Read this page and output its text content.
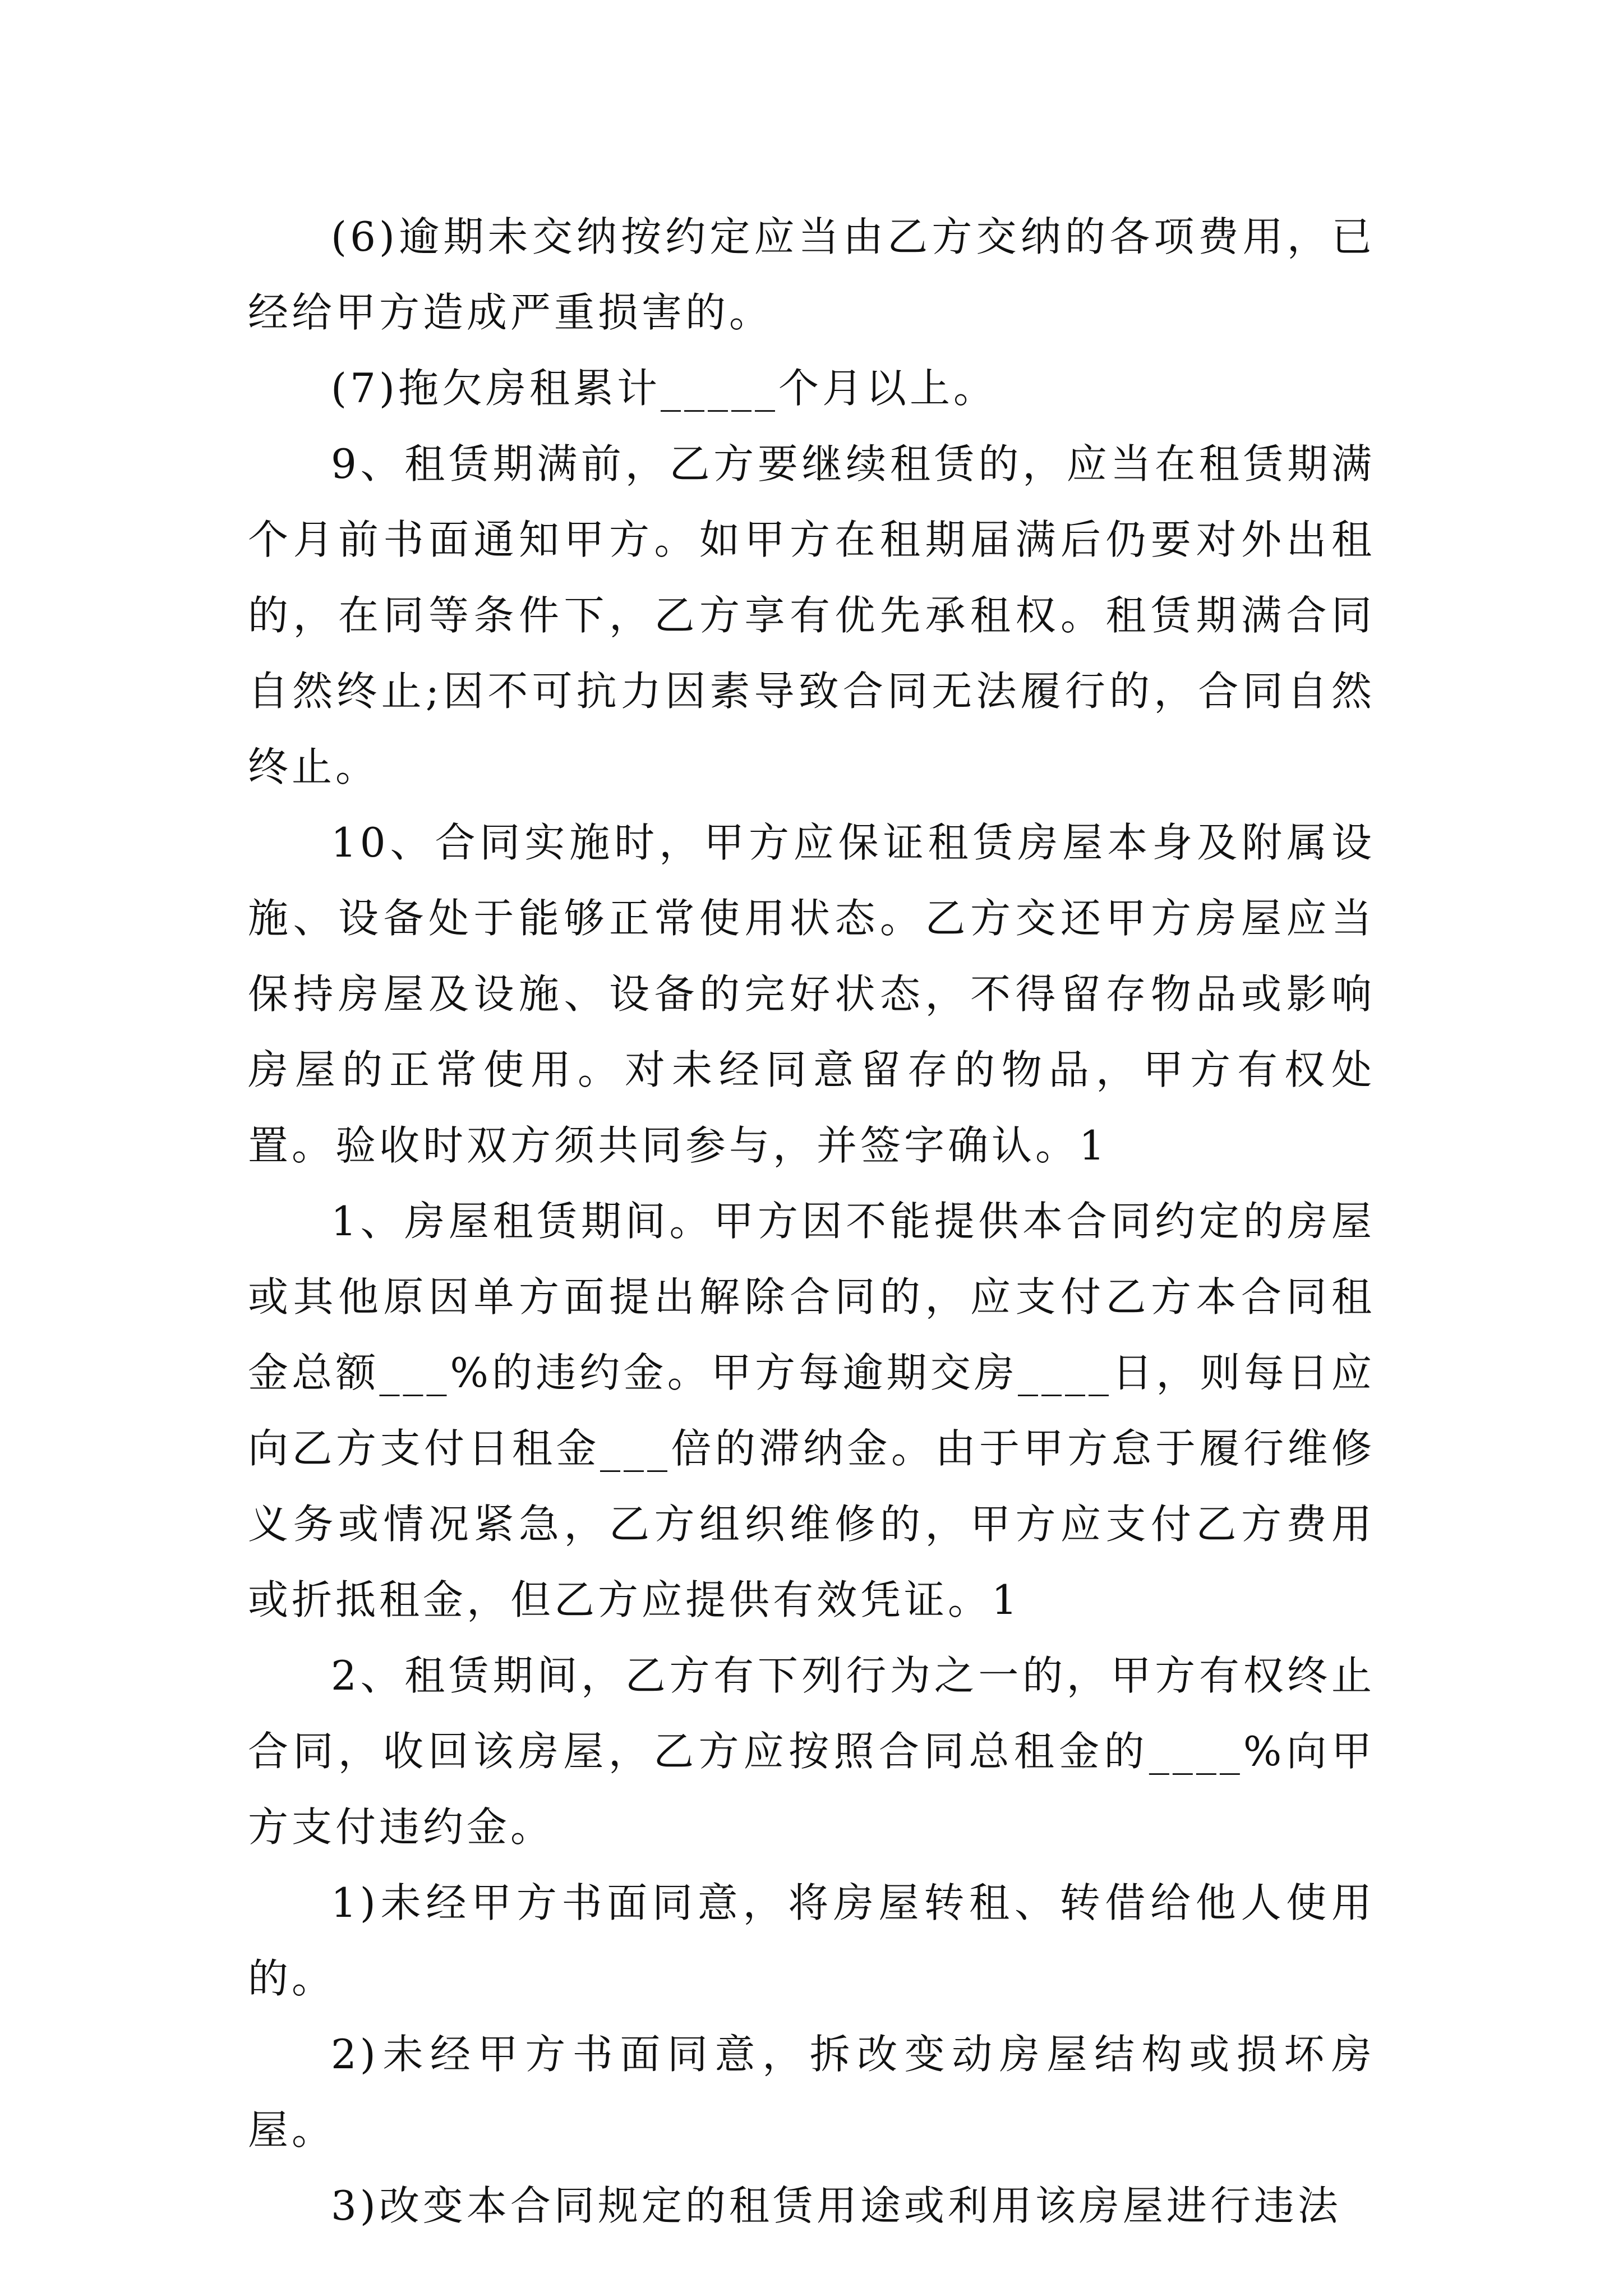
(6)逾期未交纳按约定应当由乙方交纳的各项费用，已经给甲方造成严重损害的。

(7)拖欠房租累计_____个月以上。

9、租赁期满前，乙方要继续租赁的，应当在租赁期满个月前书面通知甲方。如甲方在租期届满后仍要对外出租的，在同等条件下，乙方享有优先承租权。租赁期满合同自然终止;因不可抗力因素导致合同无法履行的，合同自然终止。

10、合同实施时，甲方应保证租赁房屋本身及附属设施、设备处于能够正常使用状态。乙方交还甲方房屋应当保持房屋及设施、设备的完好状态，不得留存物品或影响房屋的正常使用。对未经同意留存的物品，甲方有权处置。验收时双方须共同参与，并签字确认。1

1、房屋租赁期间。甲方因不能提供本合同约定的房屋或其他原因单方面提出解除合同的，应支付乙方本合同租金总额___%的违约金。甲方每逾期交房____日，则每日应向乙方支付日租金___倍的滞纳金。由于甲方怠于履行维修义务或情况紧急，乙方组织维修的，甲方应支付乙方费用或折抵租金，但乙方应提供有效凭证。1

2、租赁期间，乙方有下列行为之一的，甲方有权终止合同，收回该房屋，乙方应按照合同总租金的____%向甲方支付违约金。

1)未经甲方书面同意，将房屋转租、转借给他人使用的。

2)未经甲方书面同意，拆改变动房屋结构或损坏房屋。

3)改变本合同规定的租赁用途或利用该房屋进行违法
